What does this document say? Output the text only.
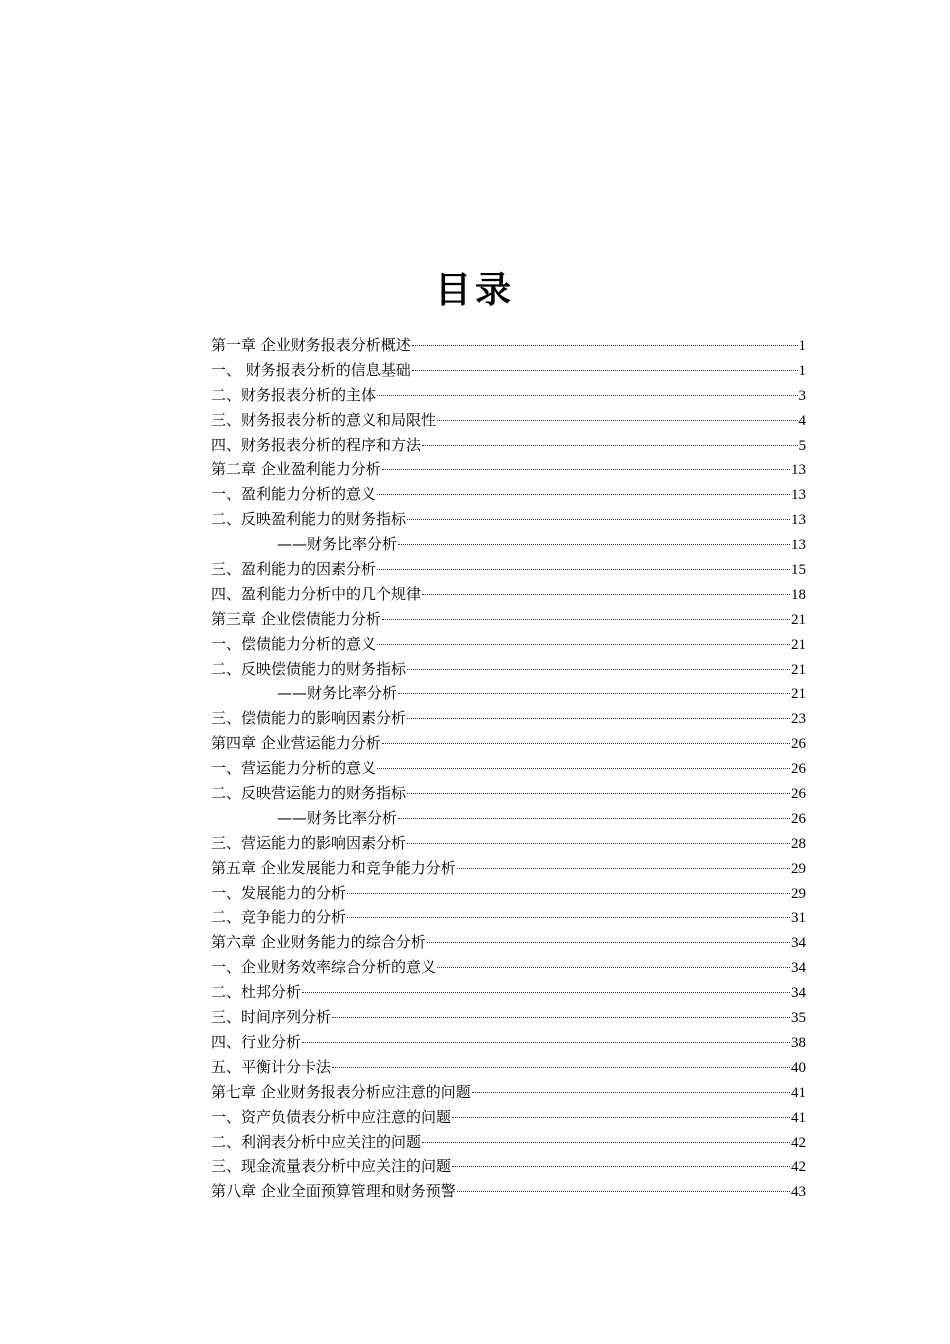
目录
第一章 企业财务报表分析概述	1
一、 财务报表分析的信息基础	1
二、财务报表分析的主体	3
三、财务报表分析的意义和局限性	4
四、财务报表分析的程序和方法	5
第二章 企业盈利能力分析	13
一、盈利能力分析的意义	13
二、反映盈利能力的财务指标	13
——财务比率分析	13
三、盈利能力的因素分析	15
四、盈利能力分析中的几个规律	18
第三章 企业偿债能力分析	21
一、偿债能力分析的意义	21
二、反映偿债能力的财务指标	21
——财务比率分析	21
三、偿债能力的影响因素分析	23
第四章 企业营运能力分析	26
一、营运能力分析的意义	26
二、反映营运能力的财务指标	26
——财务比率分析	26
三、营运能力的影响因素分析	28
第五章 企业发展能力和竞争能力分析	29
一、发展能力的分析	29
二、竞争能力的分析	31
第六章 企业财务能力的综合分析	34
一、企业财务效率综合分析的意义	34
二、杜邦分析	34
三、时间序列分析	35
四、行业分析	38
五、平衡计分卡法	40
第七章 企业财务报表分析应注意的问题	41
一、资产负债表分析中应注意的问题	41
二、利润表分析中应关注的问题	42
三、现金流量表分析中应关注的问题	42
第八章 企业全面预算管理和财务预警	43
